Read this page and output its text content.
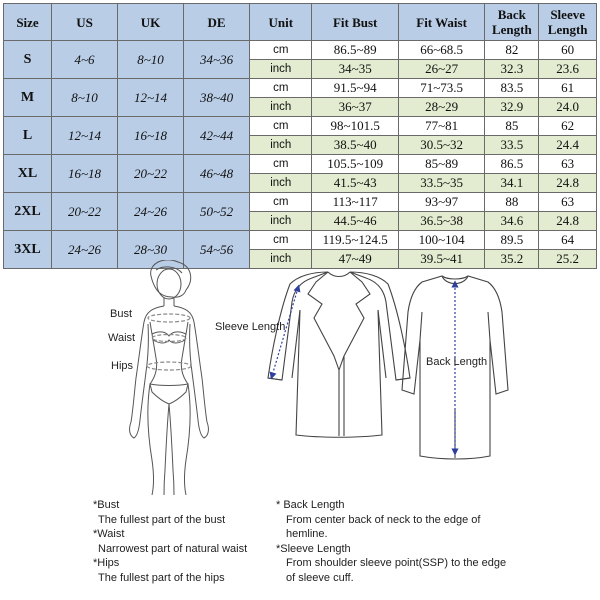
Size	US	UK	DE	Unit	Fit Bust	Fit Waist	Back Length	Sleeve Length
S	4~6	8~10	34~36	cm	86.5~89	66~68.5	82	60
				inch	34~35	26~27	32.3	23.6
M	8~10	12~14	38~40	cm	91.5~94	71~73.5	83.5	61
				inch	36~37	28~29	32.9	24.0
L	12~14	16~18	42~44	cm	98~101.5	77~81	85	62
				inch	38.5~40	30.5~32	33.5	24.4
XL	16~18	20~22	46~48	cm	105.5~109	85~89	86.5	63
				inch	41.5~43	33.5~35	34.1	24.8
2XL	20~22	24~26	50~52	cm	113~117	93~97	88	63
				inch	44.5~46	36.5~38	34.6	24.8
3XL	24~26	28~30	54~56	cm	119.5~124.5	100~104	89.5	64
				inch	47~49	39.5~41	35.2	25.2
Bust
Waist
Hips
Sleeve Length
Back Length
*Bust
The fullest part of the bust
*Waist
Narrowest part of natural waist
*Hips
The fullest part of the hips
* Back Length
From center back of neck to the edge of
hemline.
*Sleeve Length
From shoulder sleeve point(SSP) to the edge
of sleeve cuff.
